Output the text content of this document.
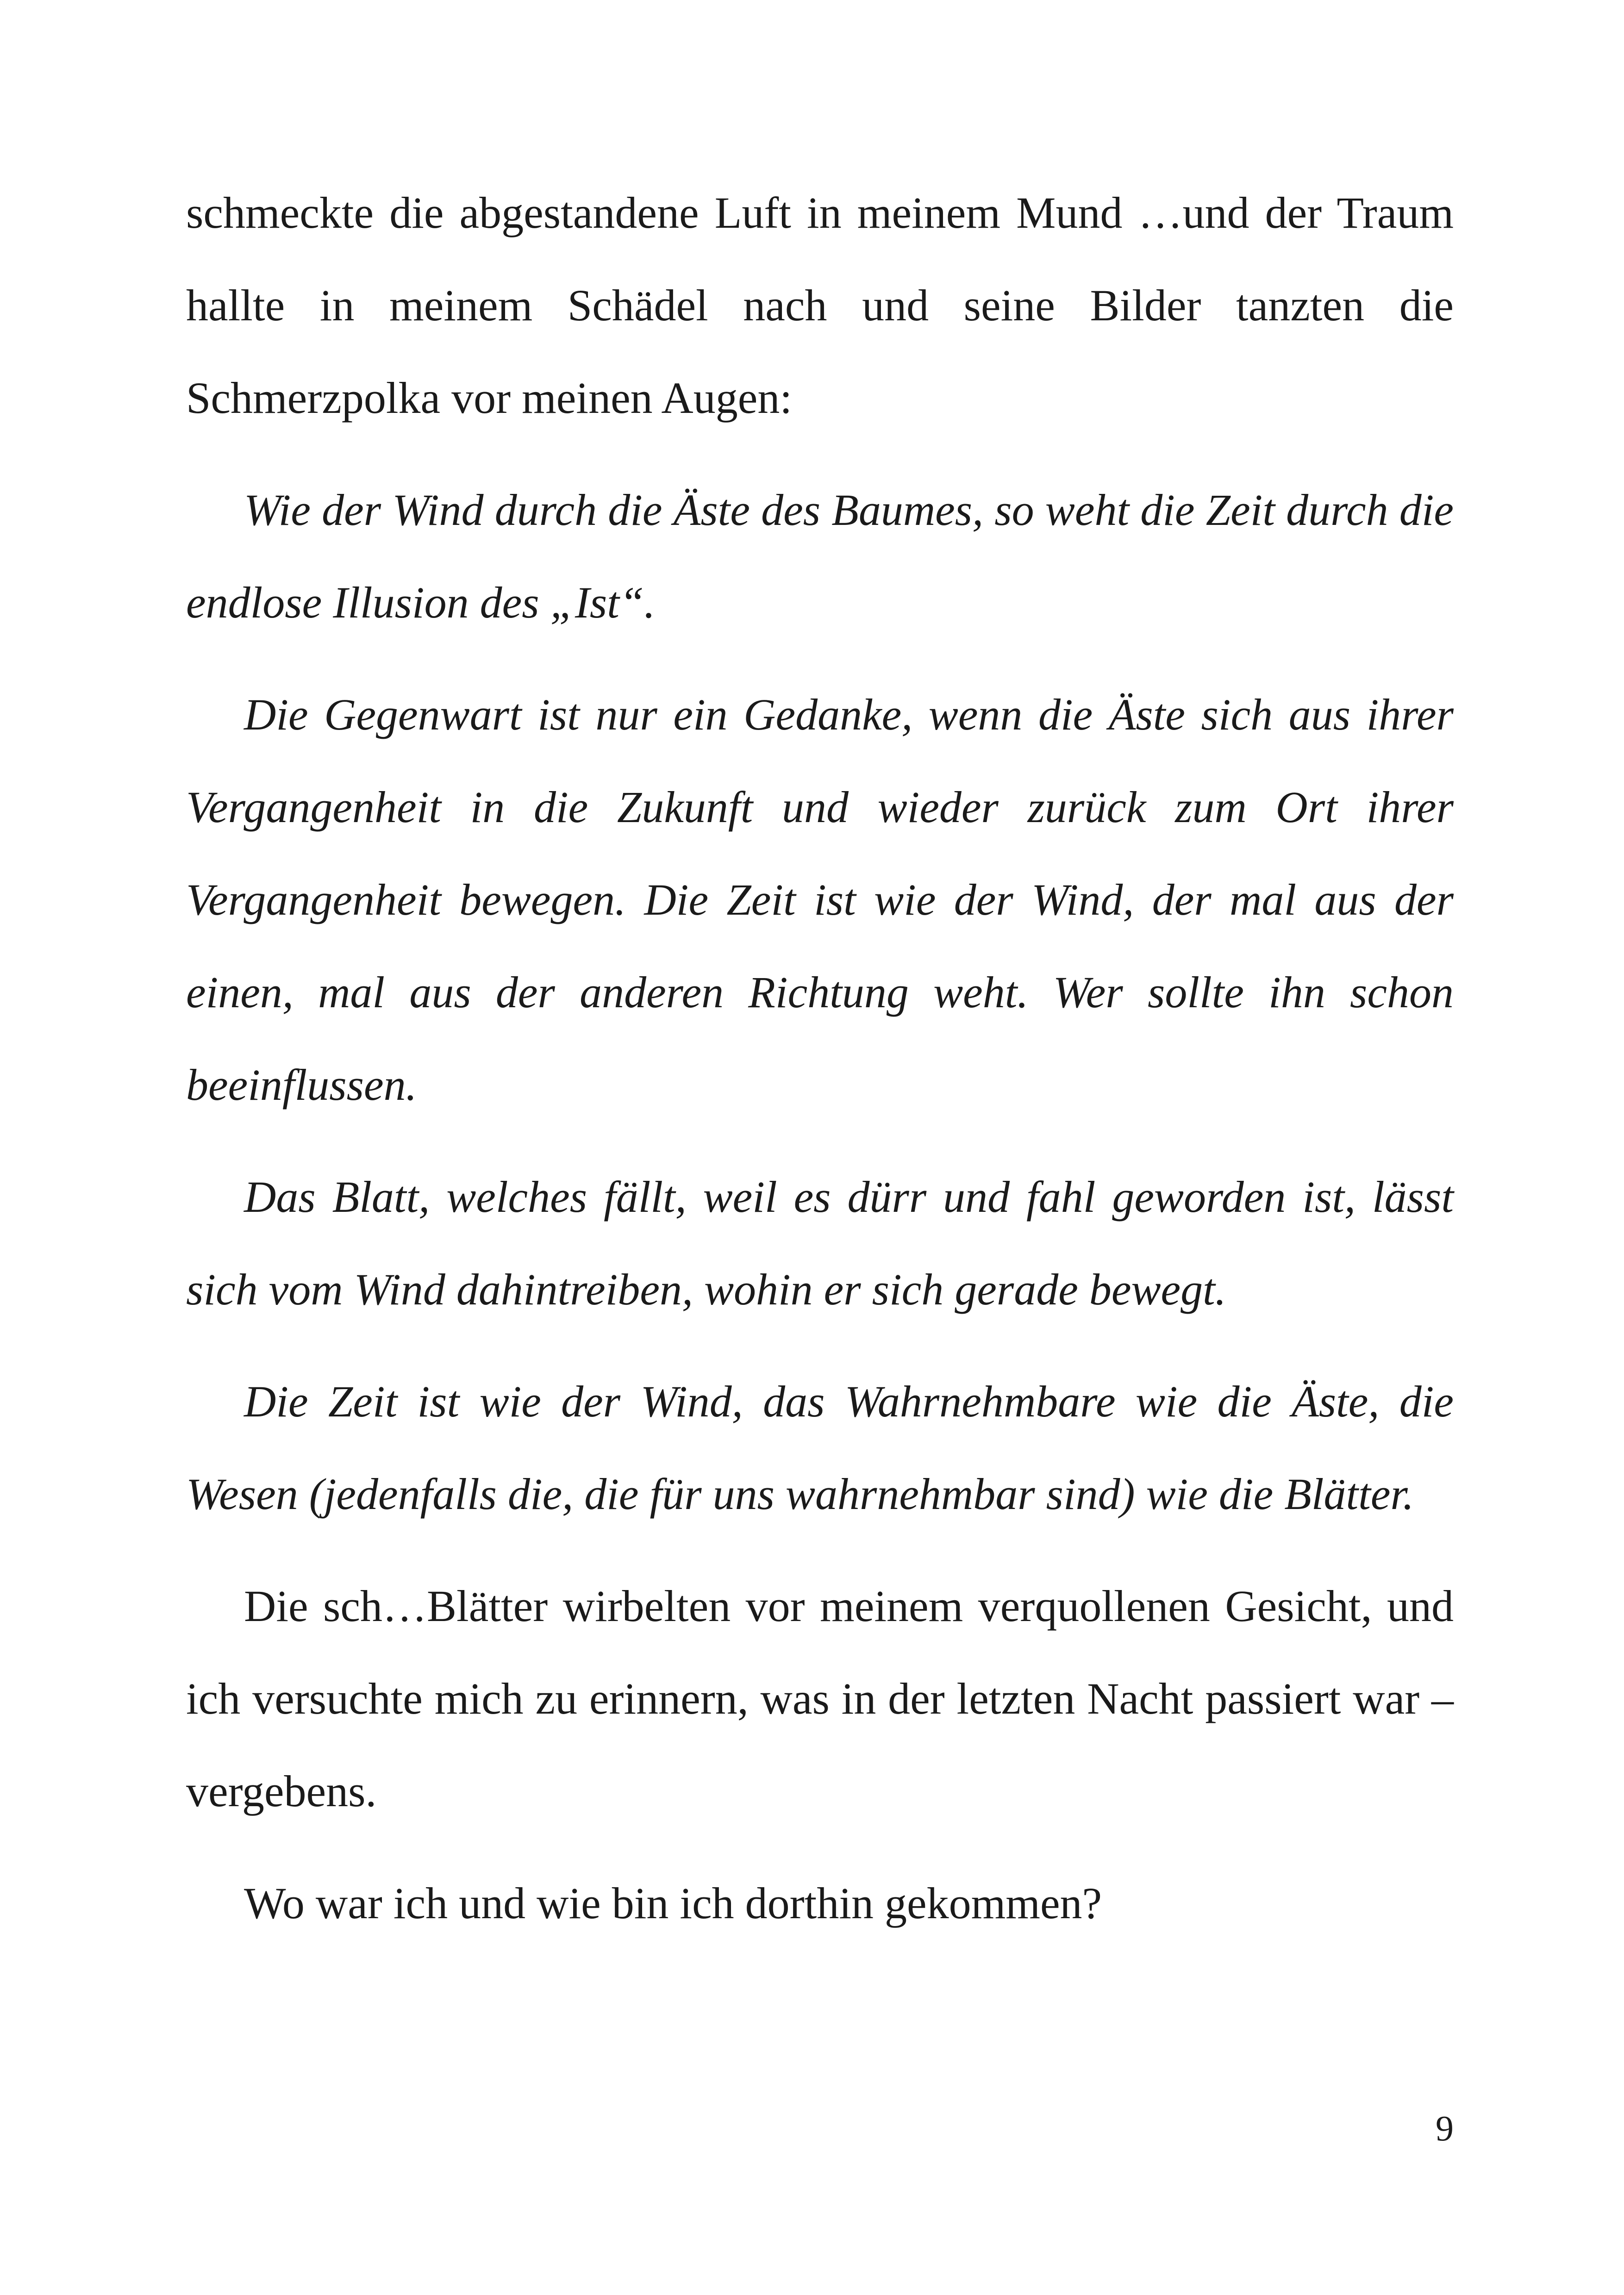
schmeckte die abgestandene Luft in meinem Mund …und der Traum hallte in meinem Schädel nach und seine Bilder tanzten die Schmerzpolka vor meinen Augen:

Wie der Wind durch die Äste des Baumes, so weht die Zeit durch die endlose Illusion des „Ist“.

Die Gegenwart ist nur ein Gedanke, wenn die Äste sich aus ihrer Vergangenheit in die Zukunft und wieder zurück zum Ort ihrer Vergangenheit bewegen. Die Zeit ist wie der Wind, der mal aus der einen, mal aus der anderen Richtung weht. Wer sollte ihn schon beeinflussen.

Das Blatt, welches fällt, weil es dürr und fahl geworden ist, lässt sich vom Wind dahintreiben, wohin er sich gerade bewegt.

Die Zeit ist wie der Wind, das Wahrnehmbare wie die Äste, die Wesen (jedenfalls die, die für uns wahrnehmbar sind) wie die Blätter.

Die sch…Blätter wirbelten vor meinem verquollenen Gesicht, und ich versuchte mich zu erinnern, was in der letzten Nacht passiert war – vergebens.

Wo war ich und wie bin ich dorthin gekommen?

9
